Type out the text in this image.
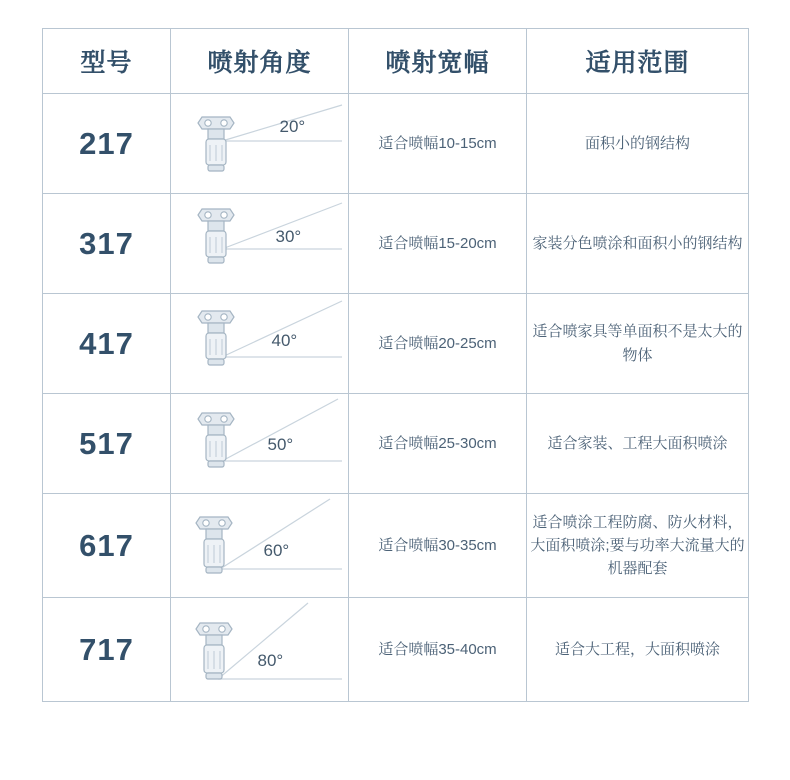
型号	喷射角度	喷射宽幅	适用范围
217	20°	适合喷幅10-15cm	面积小的钢结构
317	30°	适合喷幅15-20cm	家装分色喷涂和面积小的钢结构
417	40°	适合喷幅20-25cm	适合喷家具等单面积不是太大的物体
517	50°	适合喷幅25-30cm	适合家装、工程大面积喷涂
617	60°	适合喷幅30-35cm	适合喷涂工程防腐、防火材料，大面积喷涂;要与功率大流量大的机器配套
717	80°	适合喷幅35-40cm	适合大工程，大面积喷涂
